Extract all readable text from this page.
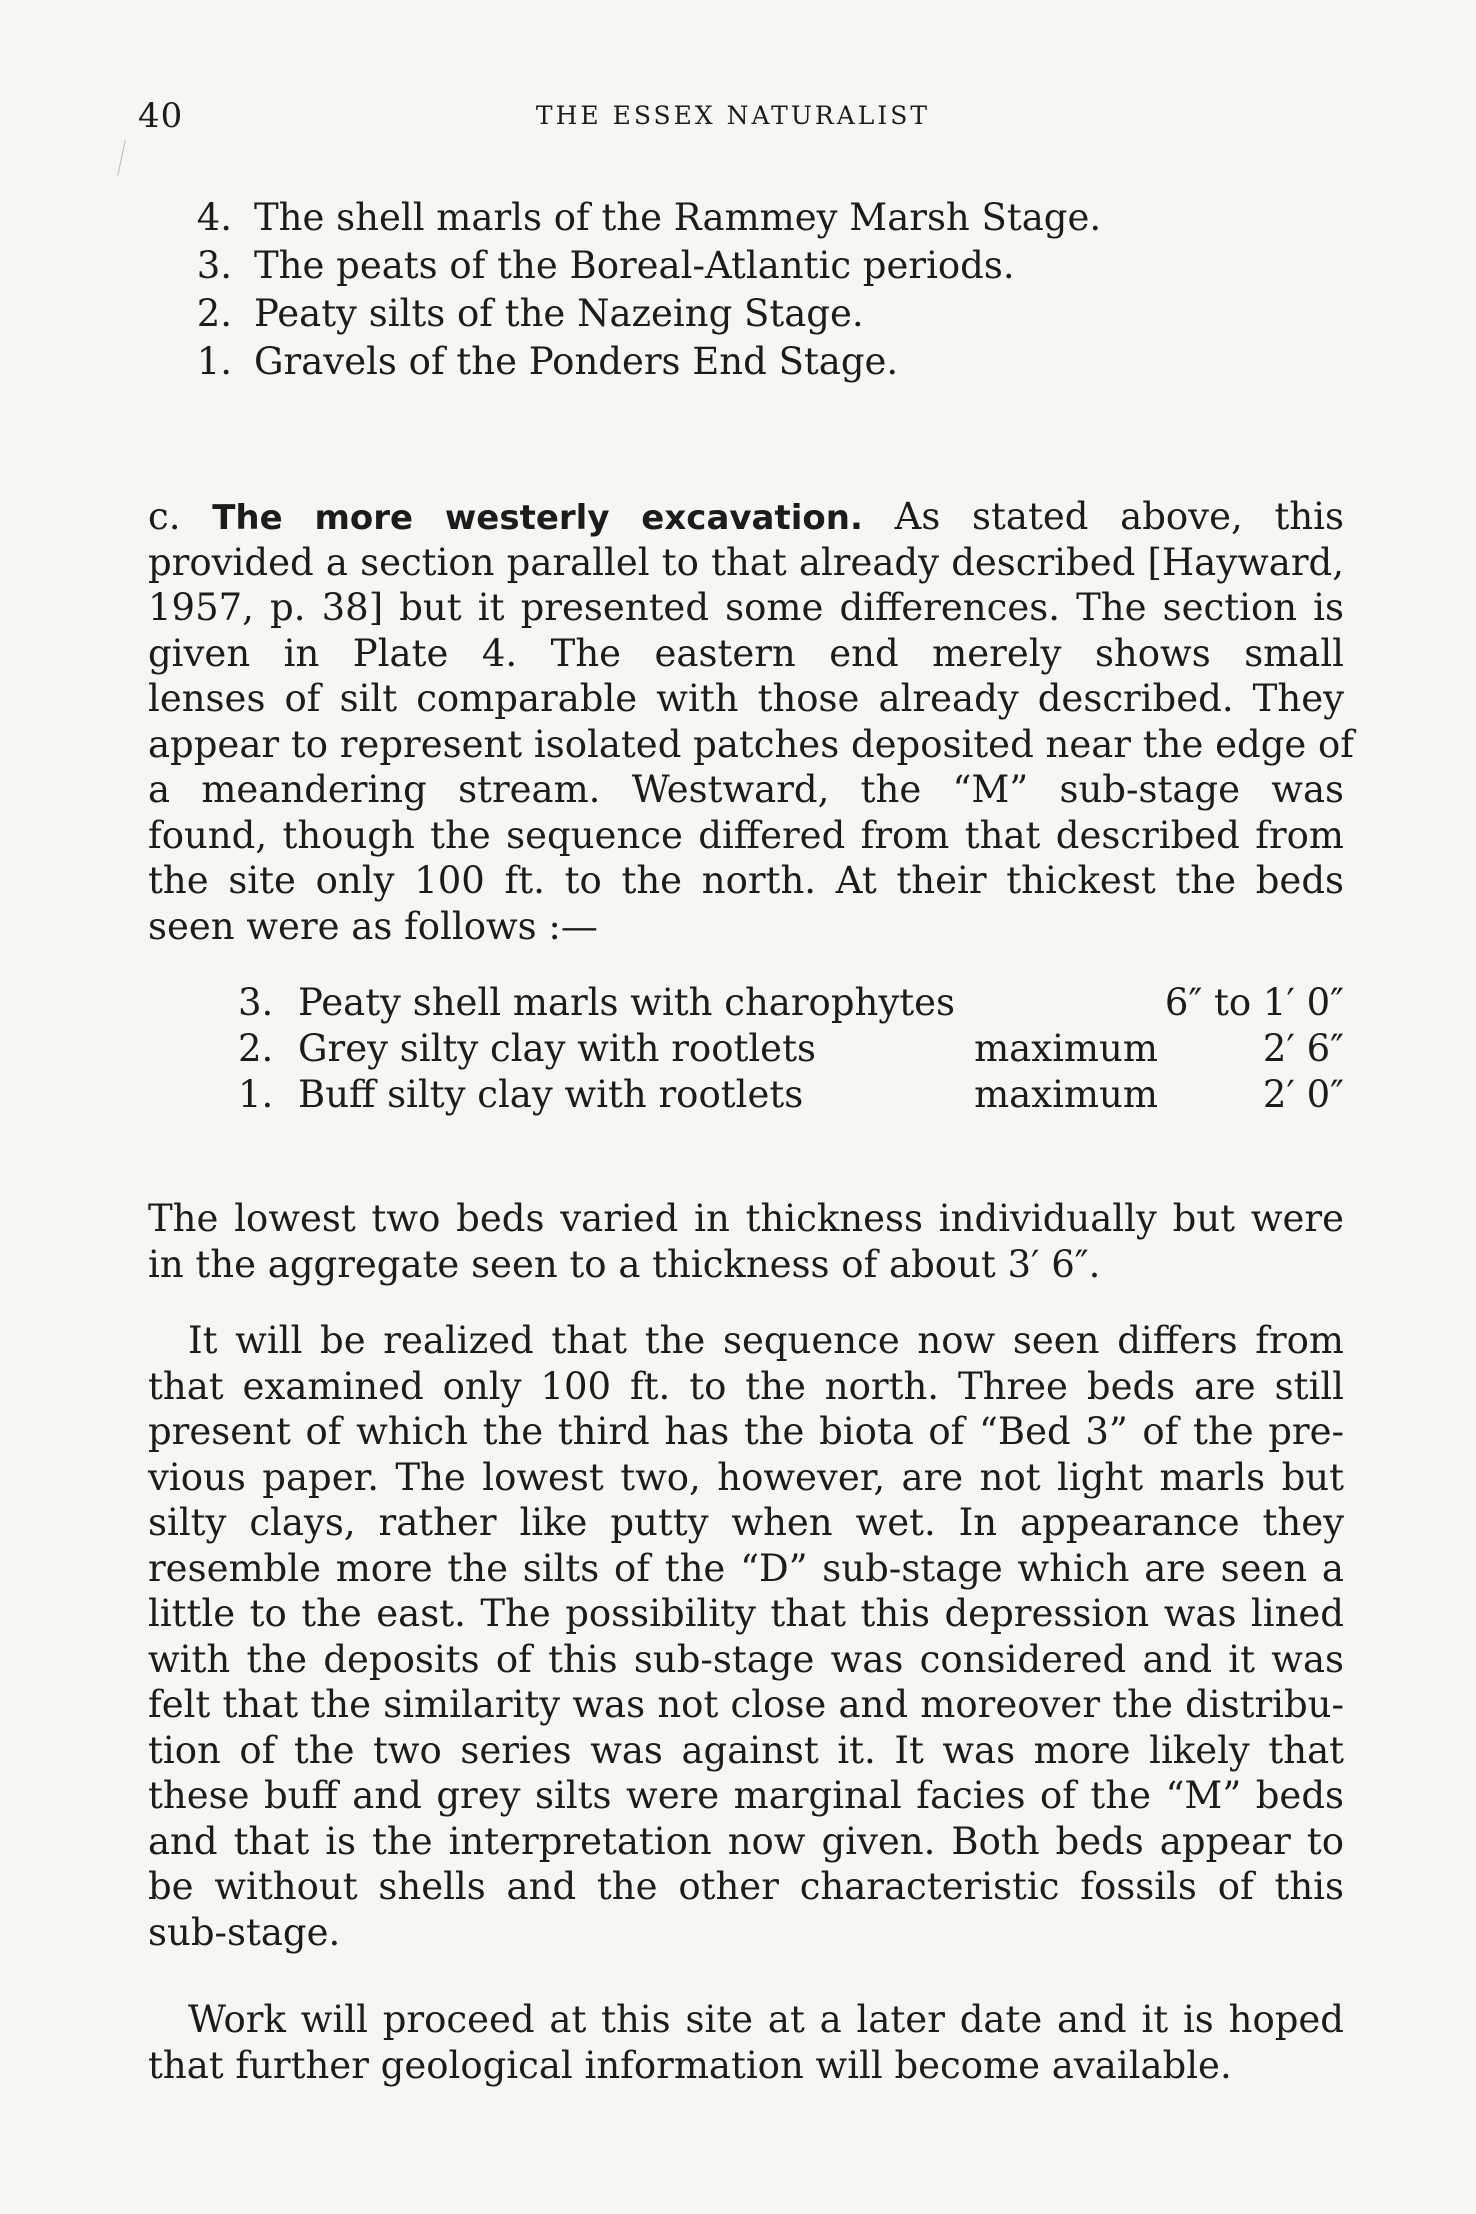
40	THE ESSEX NATURALIST
4. The shell marls of the Rammey Marsh Stage.
3. The peats of the Boreal-Atlantic periods.
2. Peaty silts of the Nazeing Stage.
1. Gravels of the Ponders End Stage.
c. The more westerly excavation. As stated above, this
provided a section parallel to that already described [Hayward,
1957, p. 38] but it presented some differences. The section is
given in Plate 4. The eastern end merely shows small
lenses of silt comparable with those already described. They
appear to represent isolated patches deposited near the edge of
a meandering stream. Westward, the “M” sub-stage was
found, though the sequence differed from that described from
the site only 100 ft. to the north. At their thickest the beds
seen were as follows :—
3. Peaty shell marls with charophytes	6″ to 1′ 0″
2. Grey silty clay with rootlets	maximum	2′ 6″
1. Buff silty clay with rootlets	maximum	2′ 0″
The lowest two beds varied in thickness individually but were
in the aggregate seen to a thickness of about 3′ 6″.
It will be realized that the sequence now seen differs from
that examined only 100 ft. to the north. Three beds are still
present of which the third has the biota of “Bed 3” of the pre-
vious paper. The lowest two, however, are not light marls but
silty clays, rather like putty when wet. In appearance they
resemble more the silts of the “D” sub-stage which are seen a
little to the east. The possibility that this depression was lined
with the deposits of this sub-stage was considered and it was
felt that the similarity was not close and moreover the distribu-
tion of the two series was against it. It was more likely that
these buff and grey silts were marginal facies of the “M” beds
and that is the interpretation now given. Both beds appear to
be without shells and the other characteristic fossils of this
sub-stage.
Work will proceed at this site at a later date and it is hoped
that further geological information will become available.
